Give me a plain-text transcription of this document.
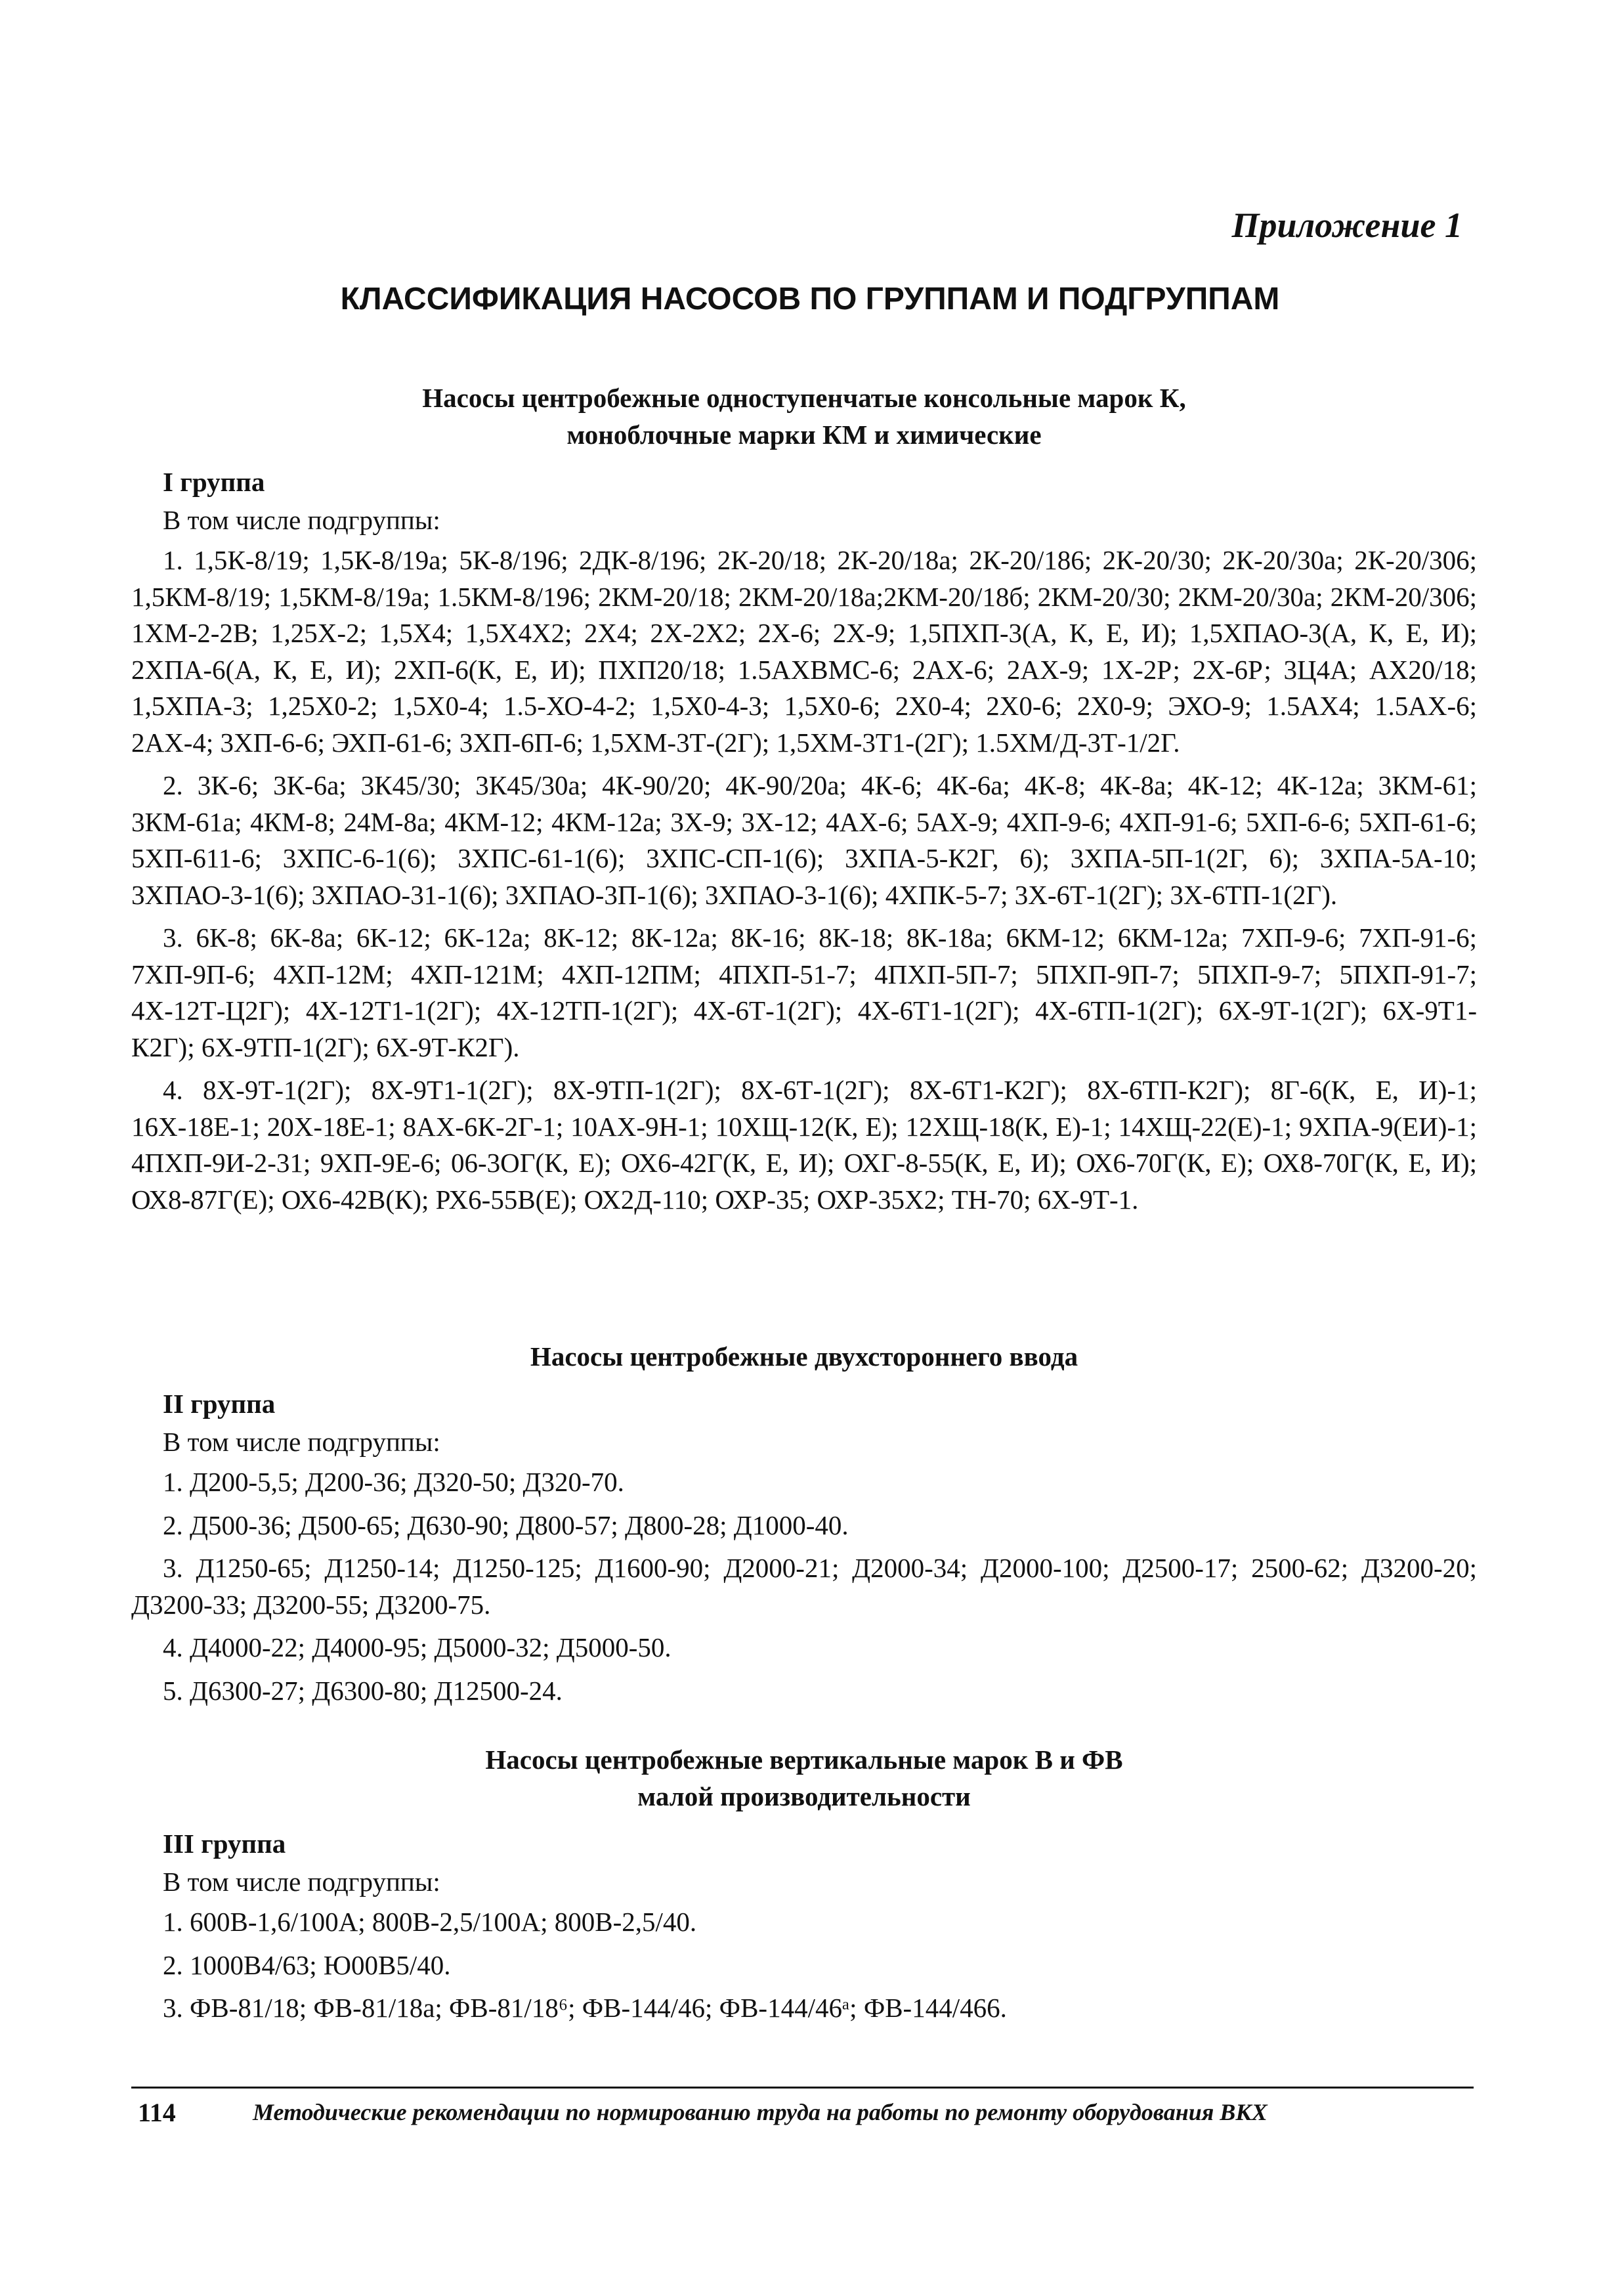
Приложение 1
КЛАССИФИКАЦИЯ НАСОСОВ ПО ГРУППАМ И ПОДГРУППАМ

Насосы центробежные одноступенчатые консольные марок К,

моноблочные марки КМ и химические

I группа
В том числе подгруппы:

1. 1,5К-8/19; 1,5К-8/19а; 5К-8/196; 2ДК-8/196; 2К-20/18; 2К-20/18а; 2К-20/186; 2К-20/30; 2К-20/30а; 2К-20/306; 1,5КМ-8/19; 1,5КМ-8/19а; 1.5КМ-8/196; 2КМ-20/18; 2КМ-20/18а;2КМ-20/18б; 2КМ-20/30; 2КМ-20/30а; 2КМ-20/306; 1ХМ-2-2В; 1,25Х-2; 1,5Х4; 1,5Х4Х2; 2Х4; 2Х-2Х2; 2Х-6; 2Х-9; 1,5ПХП-3(А, К, Е, И); 1,5ХПАО-3(А, К, Е, И); 2ХПА-6(А, К, Е, И); 2ХП-6(К, Е, И); ПХП20/18; 1.5АХВМС-6; 2АХ-6; 2АХ-9; 1Х-2Р; 2Х-6Р; 3Ц4А; АХ20/18; 1,5ХПА-3; 1,25Х0-2; 1,5Х0-4; 1.5-ХО-4-2; 1,5Х0-4-3; 1,5Х0-6; 2Х0-4; 2Х0-6; 2Х0-9; ЭХО-9; 1.5АХ4; 1.5АХ-6; 2АХ-4; 3ХП-6-6; ЭХП-61-6; 3ХП-6П-6; 1,5ХМ-3Т-(2Г); 1,5ХМ-3Т1-(2Г); 1.5ХМ/Д-3Т-1/2Г.

2. 3К-6; 3К-6а; 3К45/30; 3К45/30а; 4К-90/20; 4К-90/20а; 4К-6; 4К-6а; 4К-8; 4К-8а; 4К-12; 4К-12а; 3КМ-61; 3КМ-61а; 4КМ-8; 24М-8а; 4КМ-12; 4КМ-12а; 3Х-9; 3Х-12; 4АХ-6; 5АХ-9; 4ХП-9-6; 4ХП-91-6; 5ХП-6-6; 5ХП-61-6; 5ХП-611-6; 3ХПС-6-1(6); 3ХПС-61-1(6); 3ХПС-СП-1(6); 3ХПА-5-К2Г, 6); 3ХПА-5П-1(2Г, 6); 3ХПА-5А-10; 3ХПАО-3-1(6); 3ХПАО-31-1(6); 3ХПАО-3П-1(6); 3ХПАО-3-1(6); 4ХПК-5-7; 3Х-6Т-1(2Г); 3Х-6ТП-1(2Г).

3. 6К-8; 6К-8а; 6К-12; 6К-12а; 8К-12; 8К-12а; 8К-16; 8К-18; 8К-18а; 6КМ-12; 6КМ-12а; 7ХП-9-6; 7ХП-91-6; 7ХП-9П-6; 4ХП-12М; 4ХП-121М; 4ХП-12ПМ; 4ПХП-51-7; 4ПХП-5П-7; 5ПХП-9П-7; 5ПХП-9-7; 5ПХП-91-7; 4Х-12Т-Ц2Г); 4Х-12Т1-1(2Г); 4Х-12ТП-1(2Г); 4Х-6Т-1(2Г); 4Х-6Т1-1(2Г); 4Х-6ТП-1(2Г); 6Х-9Т-1(2Г); 6Х-9Т1-К2Г); 6Х-9ТП-1(2Г); 6Х-9Т-К2Г).

4. 8Х-9Т-1(2Г); 8Х-9Т1-1(2Г); 8Х-9ТП-1(2Г); 8Х-6Т-1(2Г); 8Х-6Т1-К2Г); 8Х-6ТП-К2Г); 8Г-6(К, Е, И)-1; 16Х-18Е-1; 20Х-18Е-1; 8АХ-6К-2Г-1; 10АХ-9Н-1; 10ХЩ-12(К, Е); 12ХЩ-18(К, Е)-1; 14ХЩ-22(Е)-1; 9ХПА-9(ЕИ)-1; 4ПХП-9И-2-31; 9ХП-9Е-6; 06-3ОГ(К, Е); ОХ6-42Г(К, Е, И); ОХГ-8-55(К, Е, И); ОХ6-70Г(К, Е); ОХ8-70Г(К, Е, И); ОХ8-87Г(Е); ОХ6-42В(К); РХ6-55В(Е); ОХ2Д-110; ОХР-35; ОХР-35Х2; ТН-70; 6Х-9Т-1.

Насосы центробежные двухстороннего ввода

II группа
В том числе подгруппы:

1. Д200-5,5; Д200-36; Д320-50; Д320-70.

2. Д500-36; Д500-65; Д630-90; Д800-57; Д800-28; Д1000-40.

3. Д1250-65; Д1250-14; Д1250-125; Д1600-90; Д2000-21; Д2000-34; Д2000-100; Д2500-17; 2500-62; Д3200-20; Д3200-33; Д3200-55; Д3200-75.

4. Д4000-22; Д4000-95; Д5000-32; Д5000-50.

5. Д6300-27; Д6300-80; Д12500-24.

Насосы центробежные вертикальные марок В и ФВ

малой производительности

III группа
В том числе подгруппы:

1. 600В-1,6/100А; 800В-2,5/100А; 800В-2,5/40.

2. 1000В4/63; Ю00В5/40.

3. ФВ-81/18; ФВ-81/18а; ФВ-81/18⁶; ФВ-144/46; ФВ-144/46ᵃ; ФВ-144/466.

114	Методические рекомендации по нормированию труда на работы по ремонту оборудования ВКХ
